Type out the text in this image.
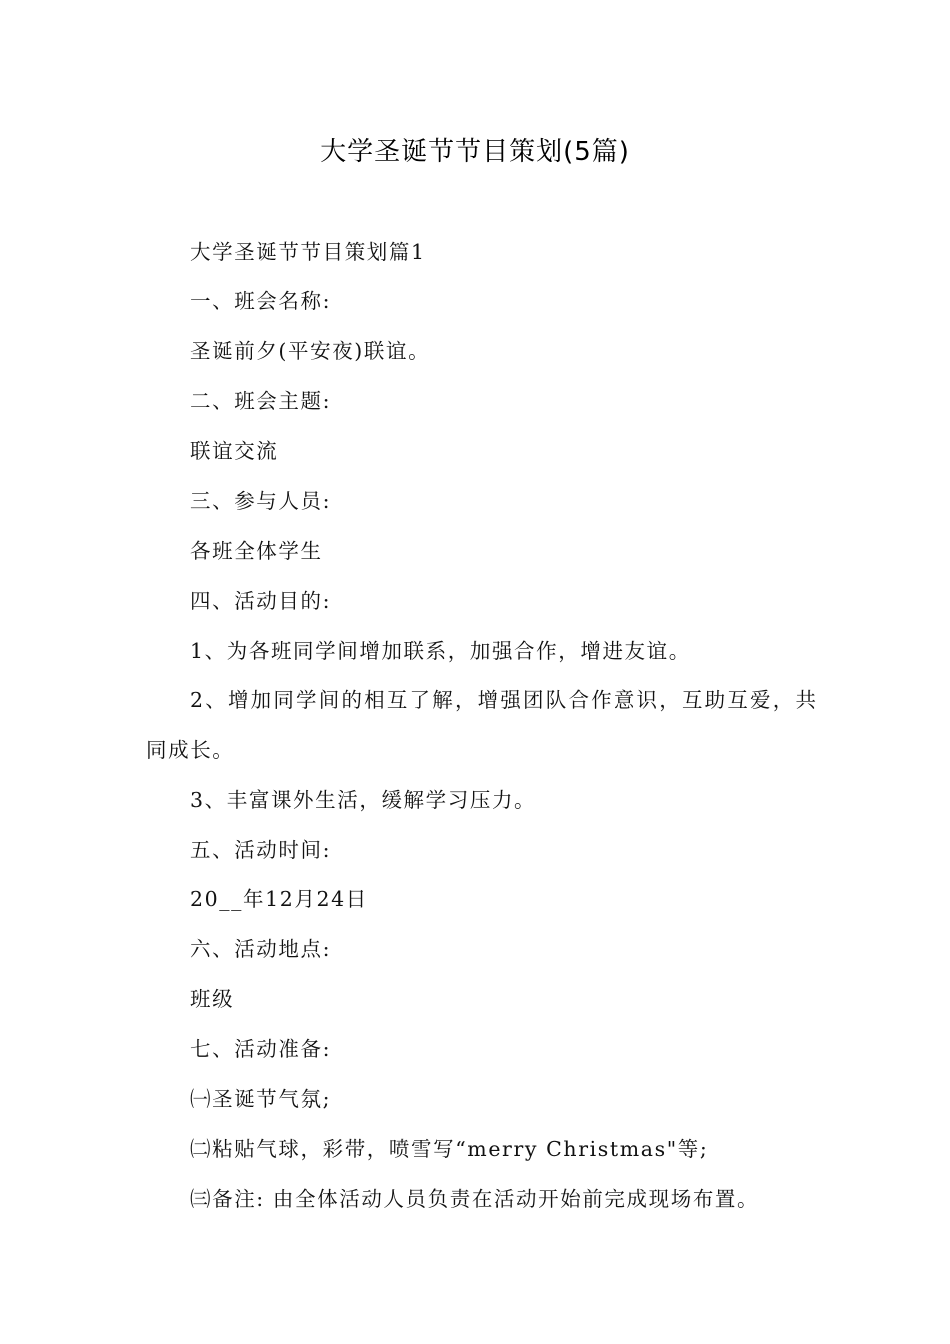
大学圣诞节节目策划(5篇)
大学圣诞节节目策划篇1
一、班会名称:
圣诞前夕(平安夜)联谊。
二、班会主题:
联谊交流
三、参与人员:
各班全体学生
四、活动目的:
1、为各班同学间增加联系，加强合作，增进友谊。
2、增加同学间的相互了解，增强团队合作意识，互助互爱，共
同成长。
3、丰富课外生活，缓解学习压力。
五、活动时间:
20__年12月24日
六、活动地点:
班级
七、活动准备:
㈠圣诞节气氛;
㈡粘贴气球，彩带，喷雪写“merry Christmas"等;
㈢备注: 由全体活动人员负责在活动开始前完成现场布置。
